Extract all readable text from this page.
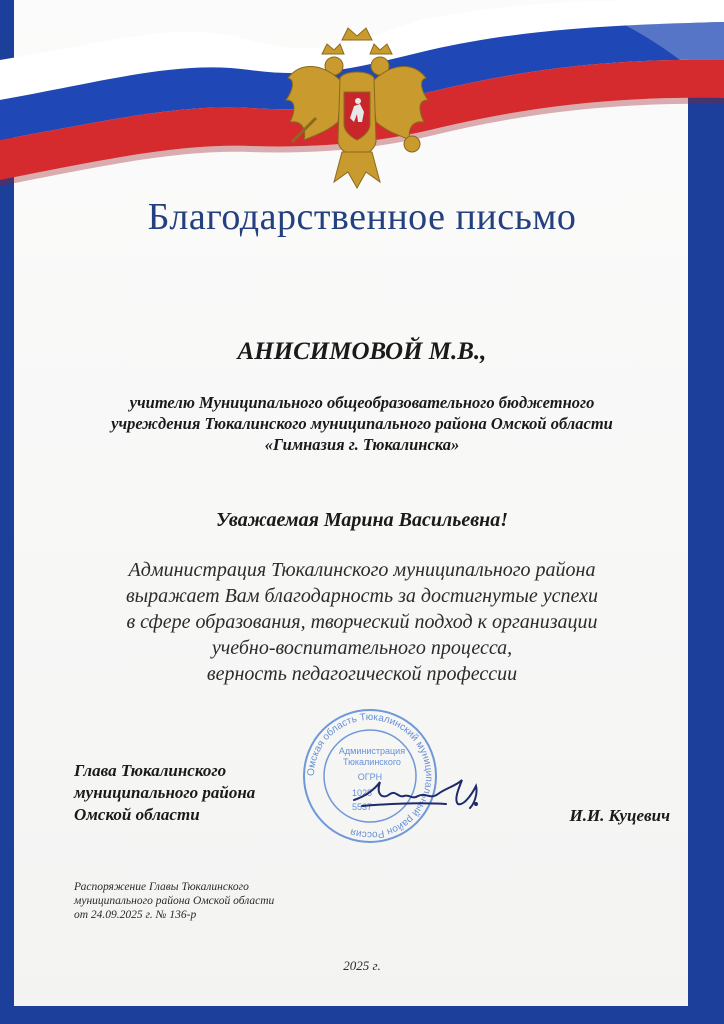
Благодарственное письмо
АНИСИМОВОЙ М.В.,
учителю Муниципального общеобразовательного бюджетного
учреждения Тюкалинского муниципального района Омской области
«Гимназия г. Тюкалинска»
Уважаемая Марина Васильевна!
Администрация Тюкалинского муниципального района
выражает Вам благодарность за достигнутые успехи
в сфере образования, творческий подход к организации
учебно-воспитательного процесса,
верность педагогической профессии
Омская область Тюкалинский муниципальный район Россия
Администрация
Тюкалинского
ОГРН
1025
5537
Глава Тюкалинского
муниципального района
Омской области	И.И. Куцевич
Распоряжение Главы Тюкалинского
муниципального района Омской области
от 24.09.2025 г. № 136-р
2025 г.
